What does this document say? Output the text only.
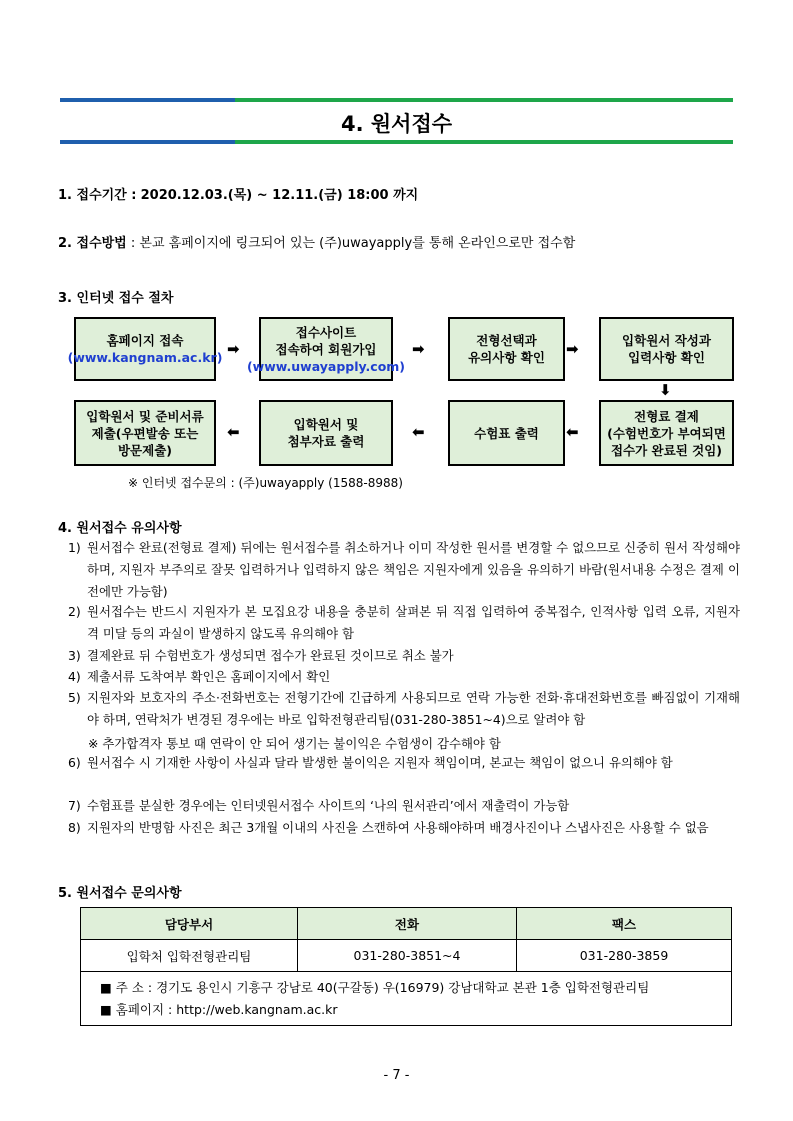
4. 원서접수
1. 접수기간 : 2020.12.03.(목) ~ 12.11.(금) 18:00 까지
2. 접수방법 : 본교 홈페이지에 링크되어 있는 (주)uwayapply를 통해 온라인으로만 접수함
3. 인터넷 접수 절차
홈페이지 접속
(www.kangnam.ac.kr) ➡
접수사이트
접속하여 회원가입
(www.uwayapply.com)
➡	전형선택과
유의사항 확인 ➡	입학원서 작성과
입력사항 확인
⬇
전형료 결제
(수험번호가 부여되면
접수가 완료된 것임)
⬅
수험표 출력
⬅
입학원서 및
첨부자료 출력
⬅
입학원서 및 준비서류
제출(우편발송 또는
방문제출)
※ 인터넷 접수문의 : (주)uwayapply (1588-8988)
4. 원서접수 유의사항
1) 원서접수 완료(전형료 결제) 뒤에는 원서접수를 취소하거나 이미 작성한 원서를 변경할 수 없으므로 신중히 원서 작성해야 하며, 지원자 부주의로 잘못 입력하거나 입력하지 않은 책임은 지원자에게 있음을 유의하기 바람(원서내용 수정은 결제 이전에만 가능함)
2) 원서접수는 반드시 지원자가 본 모집요강 내용을 충분히 살펴본 뒤 직접 입력하여 중복접수, 인적사항 입력 오류, 지원자격 미달 등의 과실이 발생하지 않도록 유의해야 함
3) 결제완료 뒤 수험번호가 생성되면 접수가 완료된 것이므로 취소 불가
4) 제출서류 도착여부 확인은 홈페이지에서 확인
5) 지원자와 보호자의 주소·전화번호는 전형기간에 긴급하게 사용되므로 연락 가능한 전화·휴대전화번호를 빠짐없이 기재해야 하며, 연락처가 변경된 경우에는 바로 입학전형관리팀(031-280-3851~4)으로 알려야 함
※ 추가합격자 통보 때 연락이 안 되어 생기는 불이익은 수험생이 감수해야 함
6) 원서접수 시 기재한 사항이 사실과 달라 발생한 불이익은 지원자 책임이며, 본교는 책임이 없으니 유의해야 함
7) 수험표를 분실한 경우에는 인터넷원서접수 사이트의 ‘나의 원서관리’에서 재출력이 가능함
8) 지원자의 반명함 사진은 최근 3개월 이내의 사진을 스캔하여 사용해야하며 배경사진이나 스냅사진은 사용할 수 없음
5. 원서접수 문의사항
담당부서	전화	팩스
입학처 입학전형관리팀	031-280-3851~4	031-280-3859
■ 주 소 : 경기도 용인시 기흥구 강남로 40(구갈동) 우(16979) 강남대학교 본관 1층 입학전형관리팀
■ 홈페이지 : http://web.kangnam.ac.kr
- 7 -
